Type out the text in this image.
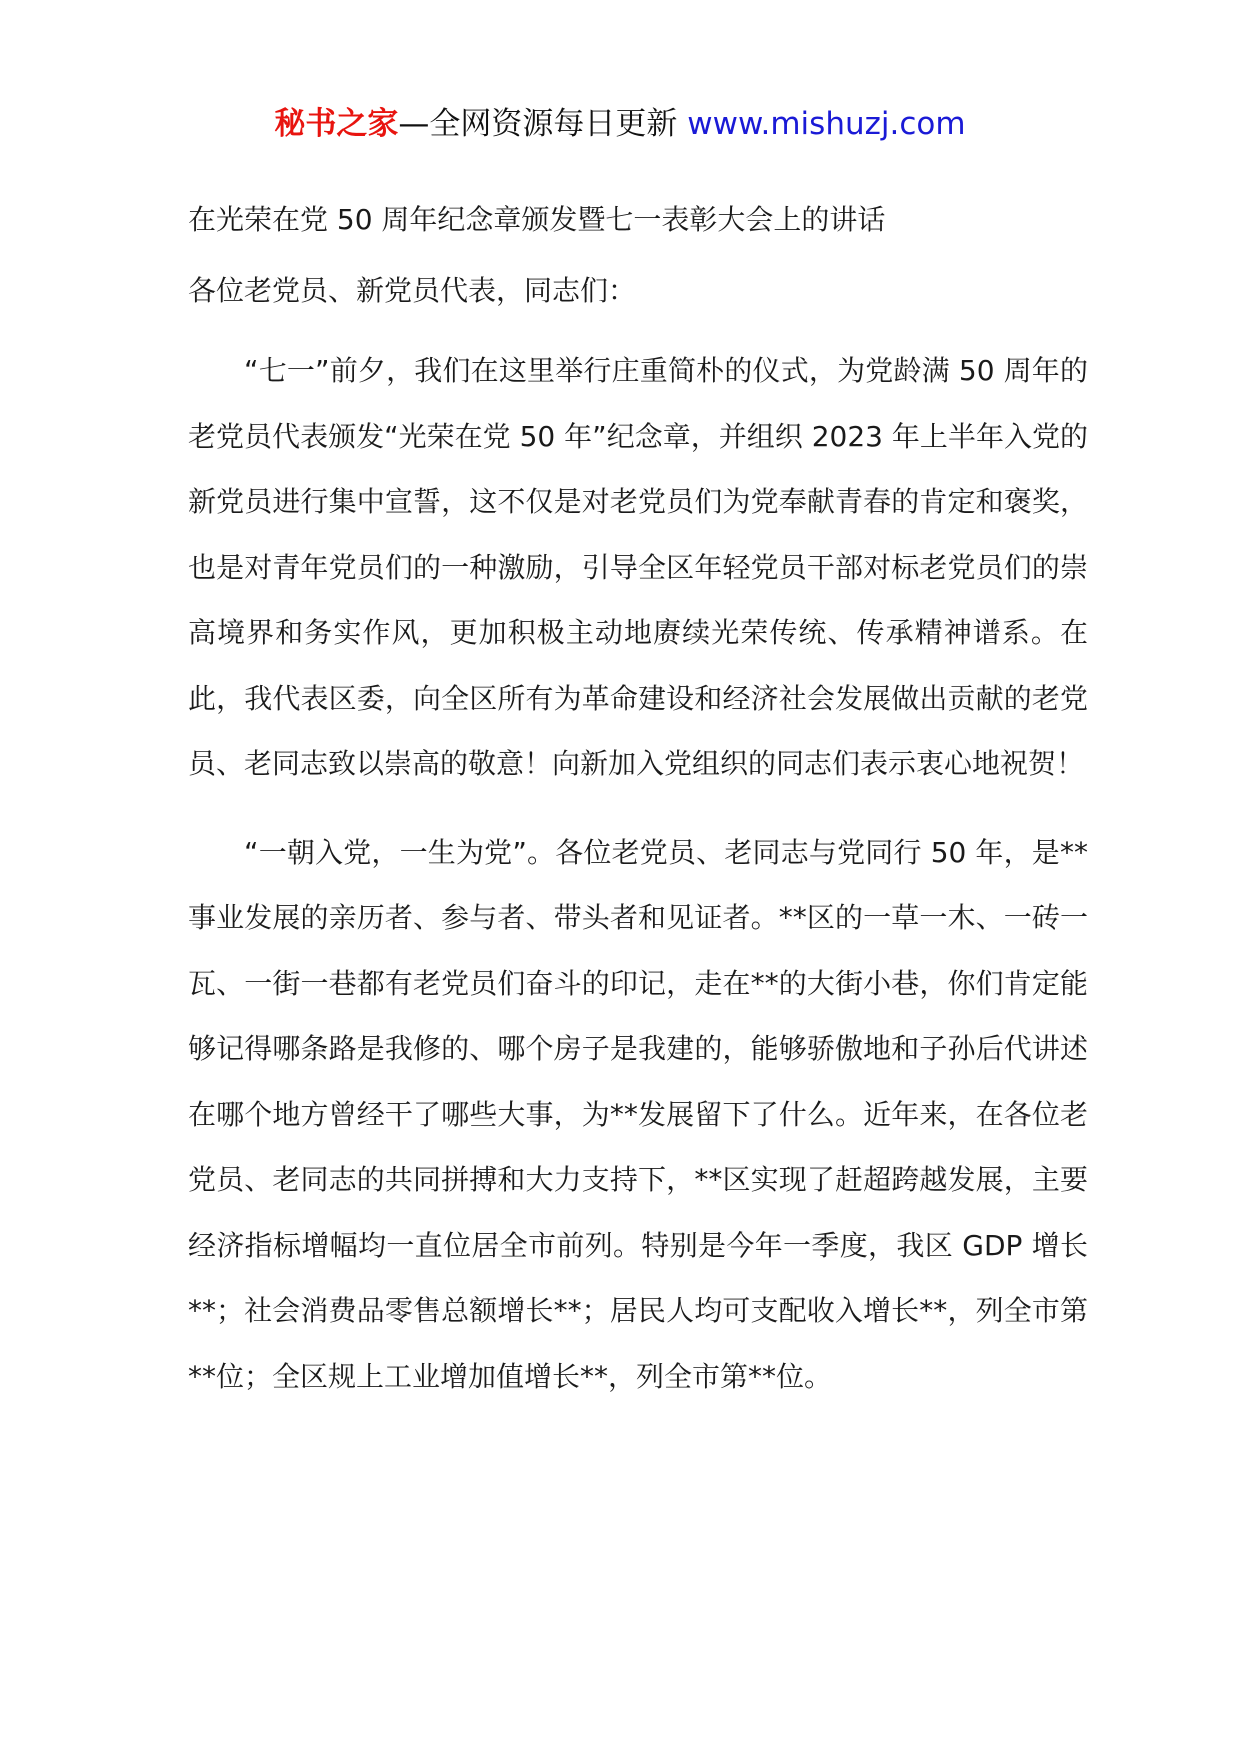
秘书之家—全网资源每日更新 www.mishuzj.com
在光荣在党 50 周年纪念章颁发暨七一表彰大会上的讲话

各位老党员、新党员代表，同志们：

“七一”前夕，我们在这里举行庄重简朴的仪式，为党龄满 50 周年的老党员代表颁发“光荣在党 50 年”纪念章，并组织 2023 年上半年入党的新党员进行集中宣誓，这不仅是对老党员们为党奉献青春的肯定和褒奖，也是对青年党员们的一种激励，引导全区年轻党员干部对标老党员们的崇高境界和务实作风，更加积极主动地赓续光荣传统、传承精神谱系。在此，我代表区委，向全区所有为革命建设和经济社会发展做出贡献的老党员、老同志致以崇高的敬意！向新加入党组织的同志们表示衷心地祝贺！

“一朝入党，一生为党”。各位老党员、老同志与党同行 50 年，是**事业发展的亲历者、参与者、带头者和见证者。**区的一草一木、一砖一瓦、一街一巷都有老党员们奋斗的印记，走在**的大街小巷，你们肯定能够记得哪条路是我修的、哪个房子是我建的，能够骄傲地和子孙后代讲述在哪个地方曾经干了哪些大事，为**发展留下了什么。近年来，在各位老党员、老同志的共同拼搏和大力支持下，**区实现了赶超跨越发展，主要经济指标增幅均一直位居全市前列。特别是今年一季度，我区 GDP 增长**；社会消费品零售总额增长**；居民人均可支配收入增长**，列全市第**位；全区规上工业增加值增长**，列全市第**位。
